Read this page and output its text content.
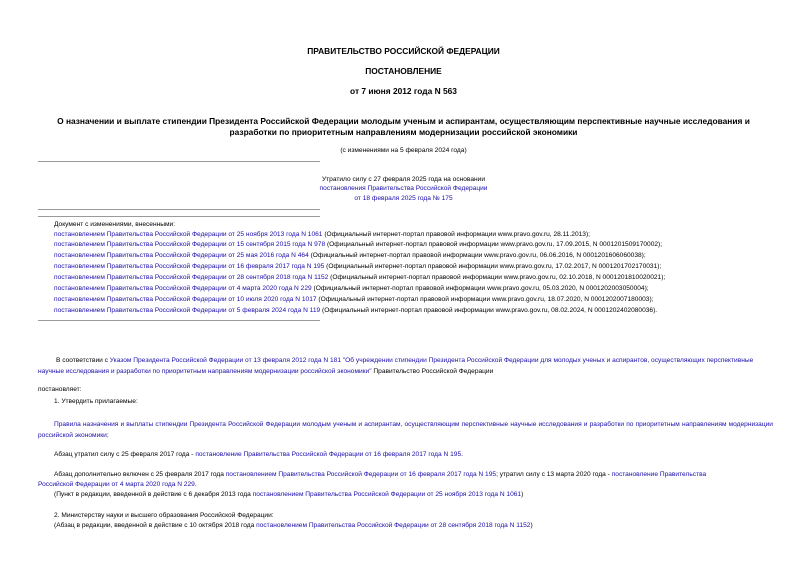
ПРАВИТЕЛЬСТВО РОССИЙСКОЙ ФЕДЕРАЦИИ
ПОСТАНОВЛЕНИЕ
от 7 июня 2012 года N 563
О назначении и выплате стипендии Президента Российской Федерации молодым ученым и аспирантам, осуществляющим перспективные научные исследования и
разработки по приоритетным направлениям модернизации российской экономики
(с изменениями на 5 февраля 2024 года)
Утратило силу с 27 февраля 2025 года на основании
постановления Правительства Российской Федерации
от 18 февраля 2025 года № 175
Документ с изменениями, внесенными:
постановлением Правительства Российской Федерации от 25 ноября 2013 года N 1061 (Официальный интернет-портал правовой информации www.pravo.gov.ru, 28.11.2013);
постановлением Правительства Российской Федерации от 15 сентября 2015 года N 978 (Официальный интернет-портал правовой информации www.pravo.gov.ru, 17.09.2015, N 0001201509170002);
постановлением Правительства Российской Федерации от 25 мая 2016 года N 464 (Официальный интернет-портал правовой информации www.pravo.gov.ru, 06.06.2016, N 0001201606060038);
постановлением Правительства Российской Федерации от 16 февраля 2017 года N 195 (Официальный интернет-портал правовой информации www.pravo.gov.ru, 17.02.2017, N 0001201702170031);
постановлением Правительства Российской Федерации от 28 сентября 2018 года N 1152 (Официальный интернет-портал правовой информации www.pravo.gov.ru, 02.10.2018, N 0001201810020021);
постановлением Правительства Российской Федерации от 4 марта 2020 года N 229 (Официальный интернет-портал правовой информации www.pravo.gov.ru, 05.03.2020, N 0001202003050004);
постановлением Правительства Российской Федерации от 10 июля 2020 года N 1017 (Официальный интернет-портал правовой информации www.pravo.gov.ru, 18.07.2020, N 0001202007180003);
постановлением Правительства Российской Федерации от 5 февраля 2024 года N 119 (Официальный интернет-портал правовой информации www.pravo.gov.ru, 08.02.2024, N 0001202402080036).
В соответствии с Указом Президента Российской Федерации от 13 февраля 2012 года N 181 "Об учреждении стипендии Президента Российской Федерации для молодых ученых и аспирантов, осуществляющих перспективные научные исследования и разработки по приоритетным направлениям модернизации российской экономики" Правительство Российской Федерации
постановляет:
1. Утвердить прилагаемые:
Правила назначения и выплаты стипендии Президента Российской Федерации молодым ученым и аспирантам, осуществляющим перспективные научные исследования и разработки по приоритетным направлениям модернизации российской экономики;
Абзац утратил силу с 25 февраля 2017 года - постановление Правительства Российской Федерации от 16 февраля 2017 года N 195.
Абзац дополнительно включен с 25 февраля 2017 года постановлением Правительства Российской Федерации от 16 февраля 2017 года N 195; утратил силу с 13 марта 2020 года - постановление Правительства
Российской Федерации от 4 марта 2020 года N 229.
(Пункт в редакции, введенной в действие с 6 декабря 2013 года постановлением Правительства Российской Федерации от 25 ноября 2013 года N 1061)
2. Министерству науки и высшего образования Российской Федерации:
(Абзац в редакции, введенной в действие с 10 октября 2018 года постановлением Правительства Российской Федерации от 28 сентября 2018 года N 1152)
